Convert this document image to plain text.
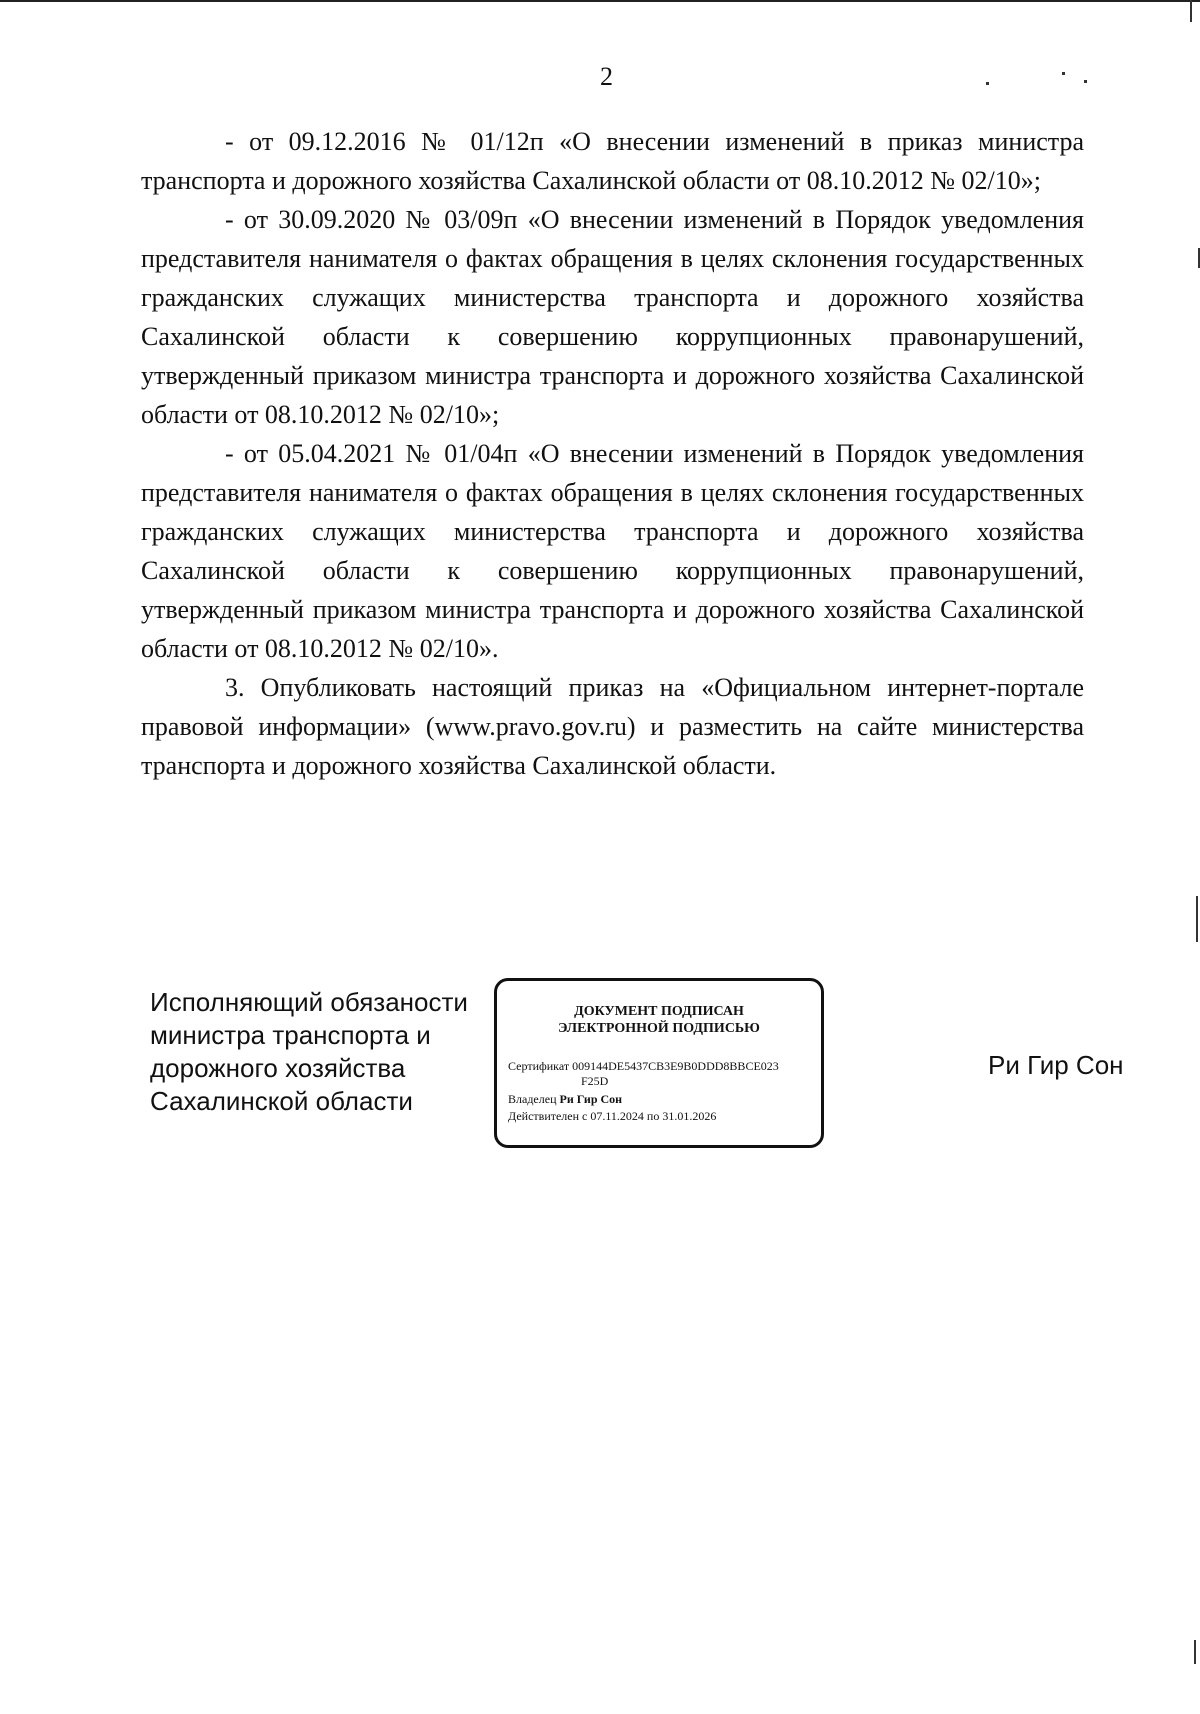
2

- от 09.12.2016 № 01/12п «О внесении изменений в приказ министра транспорта и дорожного хозяйства Сахалинской области от 08.10.2012 № 02/10»;

- от 30.09.2020 № 03/09п «О внесении изменений в Порядок уведомления представителя нанимателя о фактах обращения в целях склонения государственных гражданских служащих министерства транспорта и дорожного хозяйства Сахалинской области к совершению коррупционных правонарушений, утвержденный приказом министра транспорта и дорожного хозяйства Сахалинской области от 08.10.2012 № 02/10»;

- от 05.04.2021 № 01/04п «О внесении изменений в Порядок уведомления представителя нанимателя о фактах обращения в целях склонения государственных гражданских служащих министерства транспорта и дорожного хозяйства Сахалинской области к совершению коррупционных правонарушений, утвержденный приказом министра транспорта и дорожного хозяйства Сахалинской области от 08.10.2012 № 02/10».

3. Опубликовать настоящий приказ на «Официальном интернет-портале правовой информации» (www.pravo.gov.ru) и разместить на сайте министерства транспорта и дорожного хозяйства Сахалинской области.

Исполняющий обязаности
министра транспорта и
дорожного хозяйства
Сахалинской области
ДОКУМЕНТ ПОДПИСАН
ЭЛЕКТРОННОЙ ПОДПИСЬЮ
Сертификат 009144DE5437CB3E9B0DDD8BBCE023
F25D
Владелец Ри Гир Сон
Действителен с 07.11.2024 по 31.01.2026
Ри Гир Сон
